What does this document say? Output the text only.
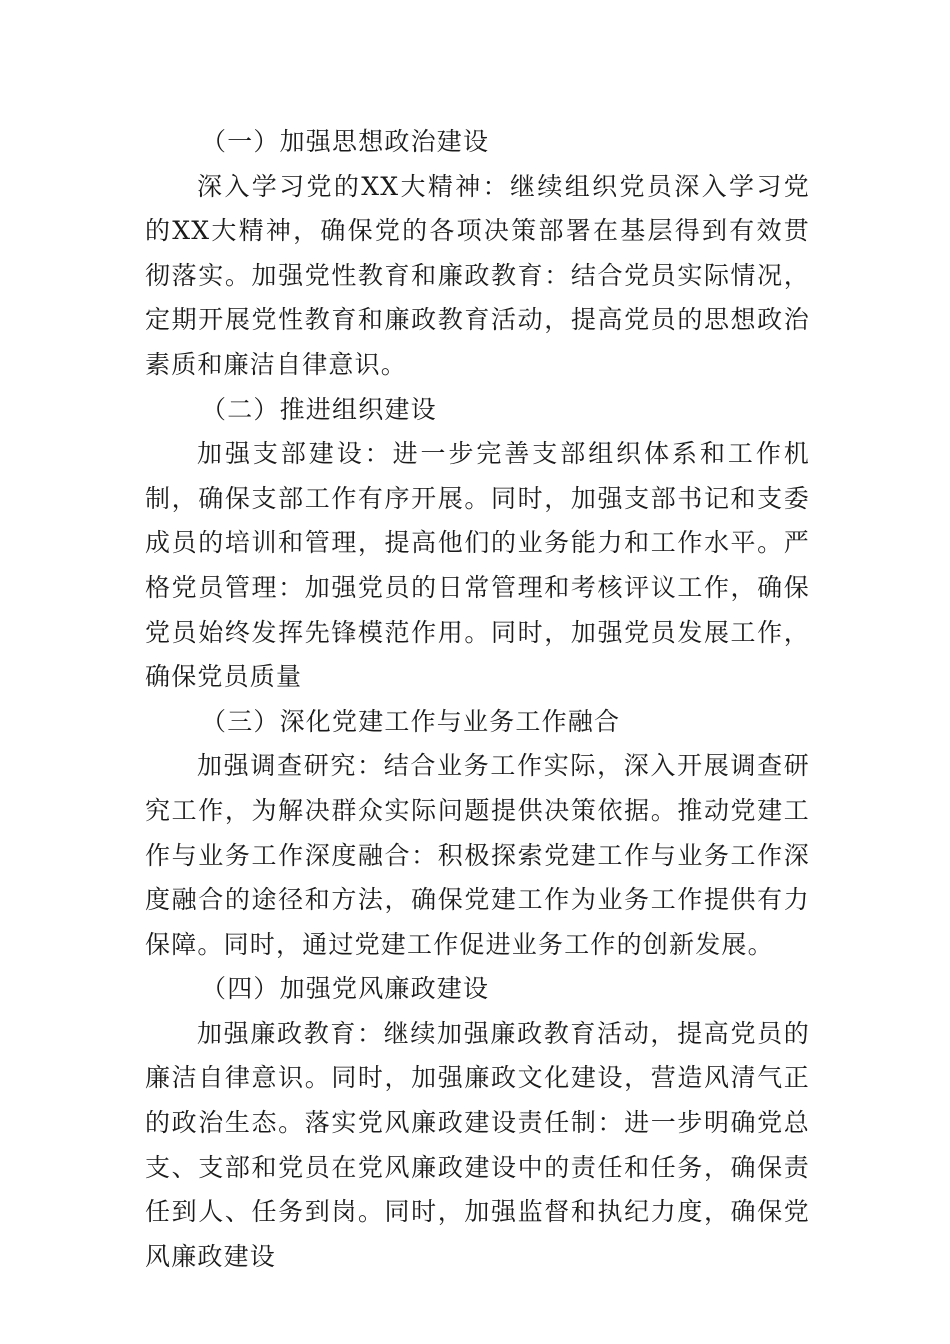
（一）加强思想政治建设

深入学习党的XX大精神：继续组织党员深入学习党的XX大精神，确保党的各项决策部署在基层得到有效贯彻落实。加强党性教育和廉政教育：结合党员实际情况，定期开展党性教育和廉政教育活动，提高党员的思想政治素质和廉洁自律意识。

（二）推进组织建设

加强支部建设：进一步完善支部组织体系和工作机制，确保支部工作有序开展。同时，加强支部书记和支委成员的培训和管理，提高他们的业务能力和工作水平。严格党员管理：加强党员的日常管理和考核评议工作，确保党员始终发挥先锋模范作用。同时，加强党员发展工作，确保党员质量

（三）深化党建工作与业务工作融合

加强调查研究：结合业务工作实际，深入开展调查研究工作，为解决群众实际问题提供决策依据。推动党建工作与业务工作深度融合：积极探索党建工作与业务工作深度融合的途径和方法，确保党建工作为业务工作提供有力保障。同时，通过党建工作促进业务工作的创新发展。

（四）加强党风廉政建设

加强廉政教育：继续加强廉政教育活动，提高党员的廉洁自律意识。同时，加强廉政文化建设，营造风清气正的政治生态。落实党风廉政建设责任制：进一步明确党总支、支部和党员在党风廉政建设中的责任和任务，确保责任到人、任务到岗。同时，加强监督和执纪力度，确保党风廉政建设
